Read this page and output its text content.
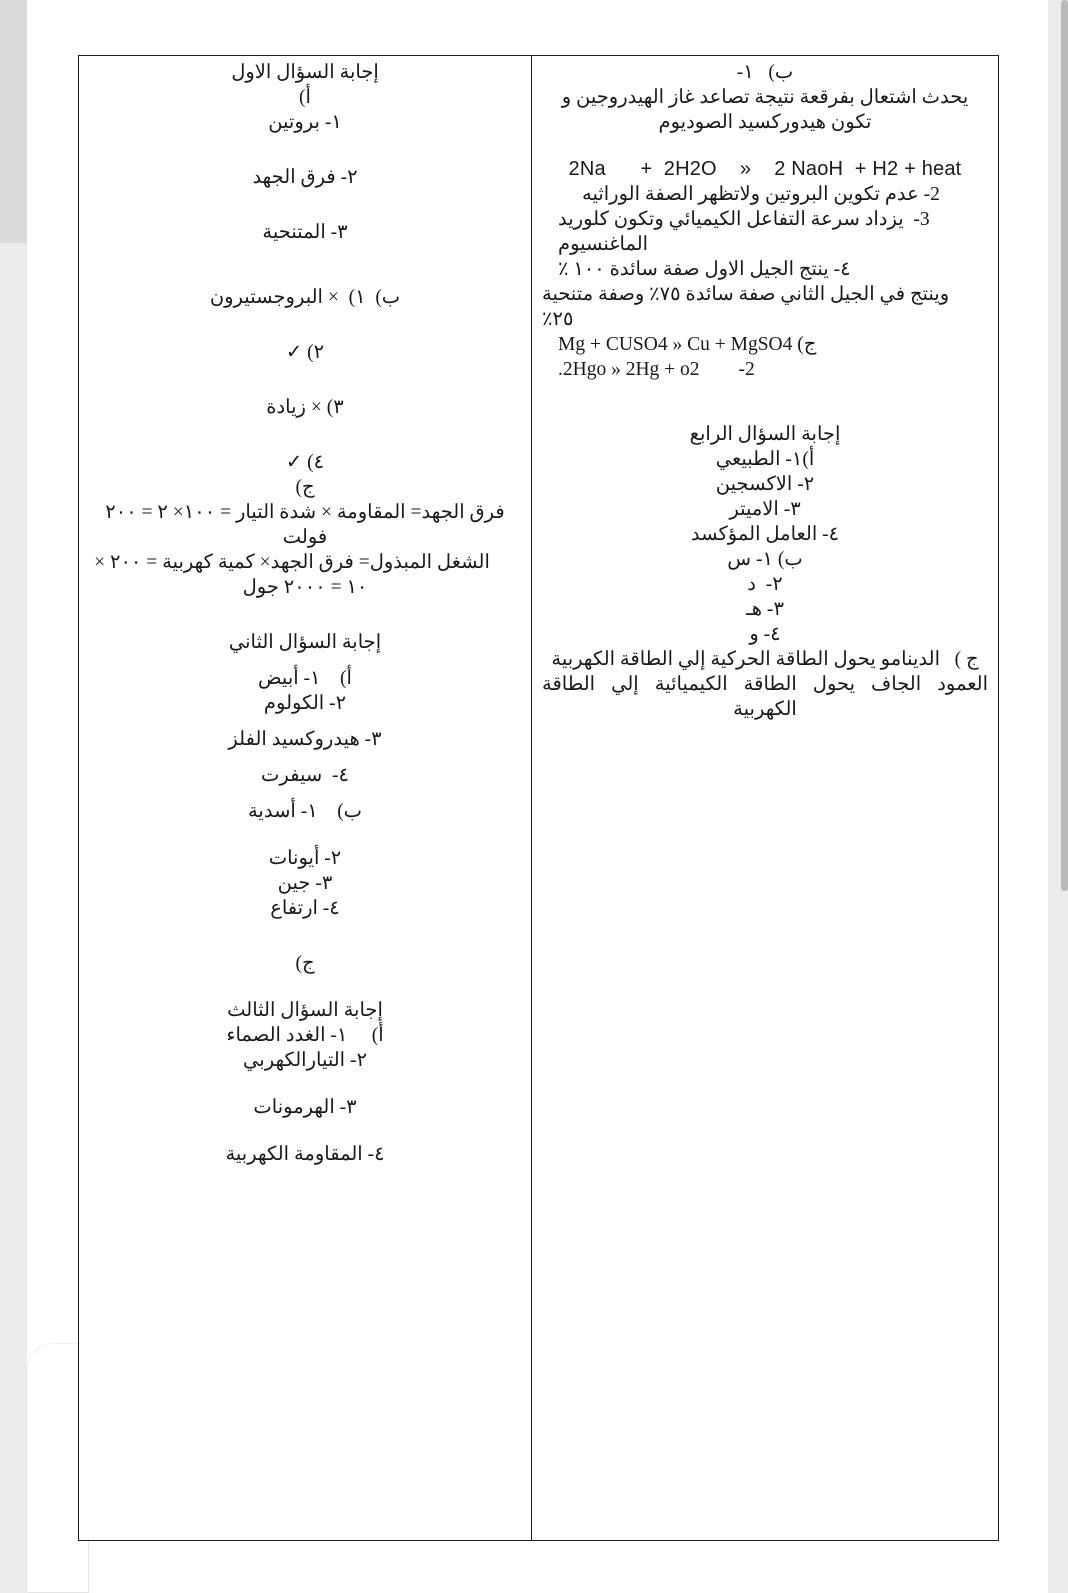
ب)   ١-
يحدث اشتعال بفرقعة نتيجة تصاعد غاز الهيدروجين و
تكون هيدوركسيد الصوديوم
2Na      +  2H2O    »    2 NaoH  + H2 + heat
2- عدم تكوين البروتين ولاتظهر الصفة الوراثيه
3-  يزداد سرعة التفاعل الكيميائي وتكون كلوريد
الماغنسيوم
٤- ينتج الجيل الاول صفة سائدة ١٠٠ ٪
وينتج في الجيل الثاني صفة سائدة ٧٥٪ وصفة متنحية
٢٥٪
ج) Mg + CUSO4 » Cu + MgSO4
2-        2Hgo » 2Hg + o2.
إجابة السؤال الرابع
أ)١- الطبيعي
٢- الاكسجين
٣- الاميتر
٤- العامل المؤكسد
ب) ١- س
٢-  د
٣- هـ
٤- و
ج )   الدينامو يحول الطاقة الحركية إلي الطاقة الكهربية
العمود الجاف يحول الطاقة الكيميائية إلي الطاقة الكهربية
إجابة السؤال الاول
أ)
١- بروتين
٢- فرق الجهد
٣- المتنحية
ب)  ١)  × البروجستيرون
٢) ✓
٣) × زيادة
٤) ✓
ج)
فرق الجهد= المقاومة × شدة التيار = ١٠٠× ٢ = ٢٠٠
فولت
الشغل المبذول= فرق الجهد× كمية كهربية = ٢٠٠ ×
١٠ = ٢٠٠٠ جول
إجابة السؤال الثاني
أ)    ١- أبيض
٢- الكولوم
٣- هيدروكسيد الفلز
٤-  سيفرت
ب)    ١- أسدية
٢- أيونات
٣- جين
٤- ارتفاع
ج)
إجابة السؤال الثالث
أ)     ١- الغدد الصماء
٢- التيارالكهربي
٣- الهرمونات
٤- المقاومة الكهربية
